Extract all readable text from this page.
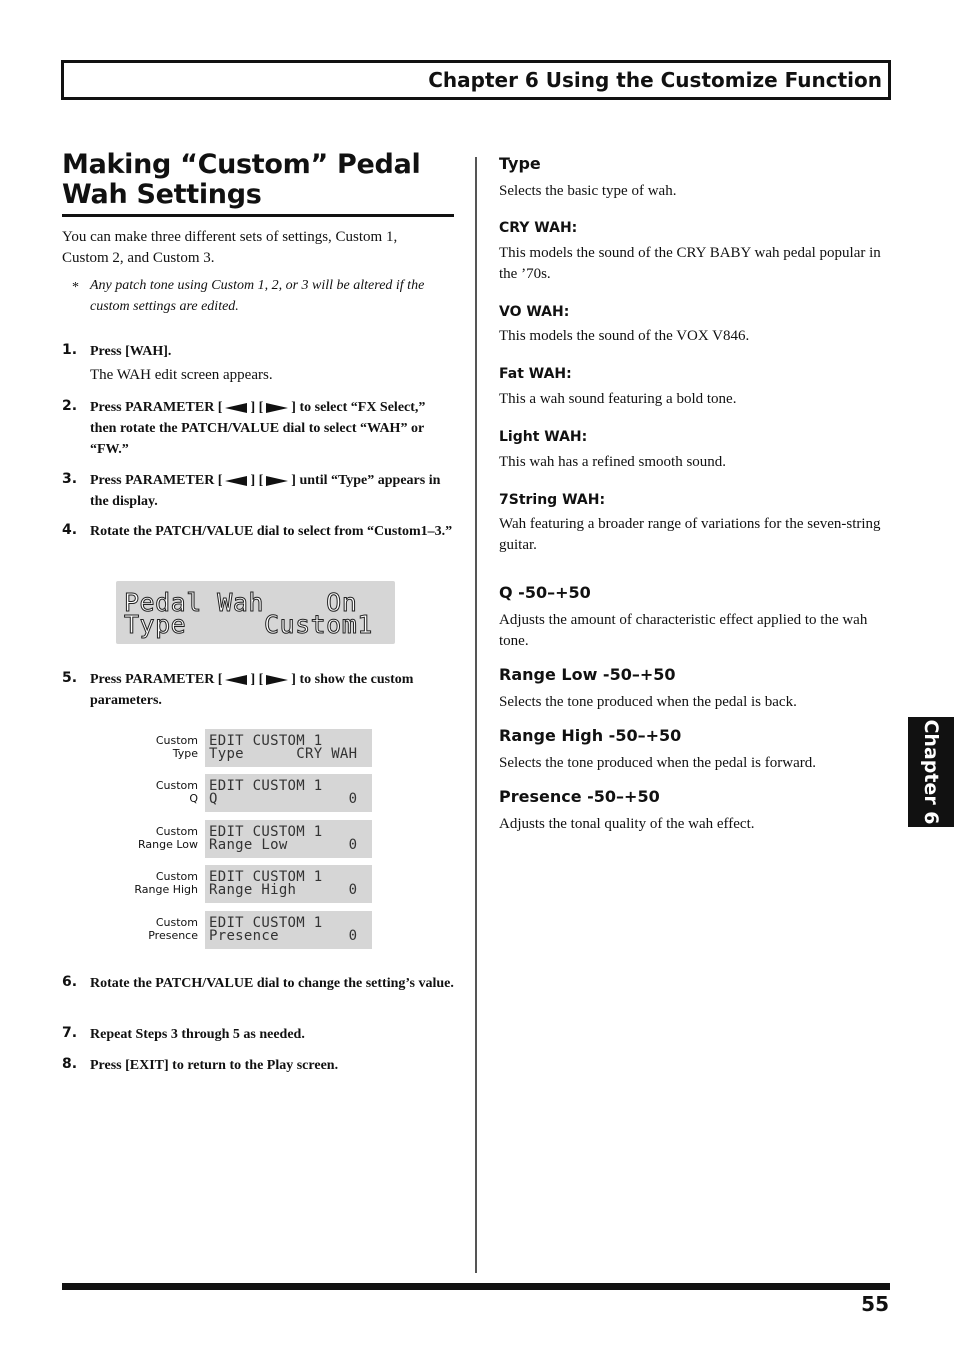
Chapter 6 Using the Customize Function
Making “Custom” Pedal Wah Settings

You can make three different sets of settings, Custom 1, Custom 2, and Custom 3.

* Any patch tone using Custom 1, 2, or 3 will be altered if the custom settings are edited.
1. Press [WAH].
The WAH edit screen appears.
2. Press PARAMETER [ ] [ ] to select “FX Select,” then rotate the PATCH/VALUE dial to select “WAH” or “FW.”
3. Press PARAMETER [ ] [ ] until “Type” appears in the display.
4. Rotate the PATCH/VALUE dial to select from “Custom1–3.”
Pedal Wah    On
Type     Custom1
5. Press PARAMETER [ ] [ ] to show the custom parameters.
Custom
Type
EDIT CUSTOM 1
Type      CRY WAH
Custom
Q
EDIT CUSTOM 1
Q               0
Custom
Range Low
EDIT CUSTOM 1
Range Low       0
Custom
Range High
EDIT CUSTOM 1
Range High      0
Custom
Presence
EDIT CUSTOM 1
Presence        0
6. Rotate the PATCH/VALUE dial to change the setting’s value.
7. Repeat Steps 3 through 5 as needed.
8. Press [EXIT] to return to the Play screen.
Type
Selects the basic type of wah.
CRY WAH:
This models the sound of the CRY BABY wah pedal popular in the ’70s.
VO WAH:
This models the sound of the VOX V846.
Fat WAH:
This a wah sound featuring a bold tone.
Light WAH:
This wah has a refined smooth sound.
7String WAH:
Wah featuring a broader range of variations for the seven-string guitar.
Q -50–+50
Adjusts the amount of characteristic effect applied to the wah tone.
Range Low -50–+50
Selects the tone produced when the pedal is back.
Range High -50–+50
Selects the tone produced when the pedal is forward.
Presence -50–+50
Adjusts the tonal quality of the wah effect.	Chapter 6
55
